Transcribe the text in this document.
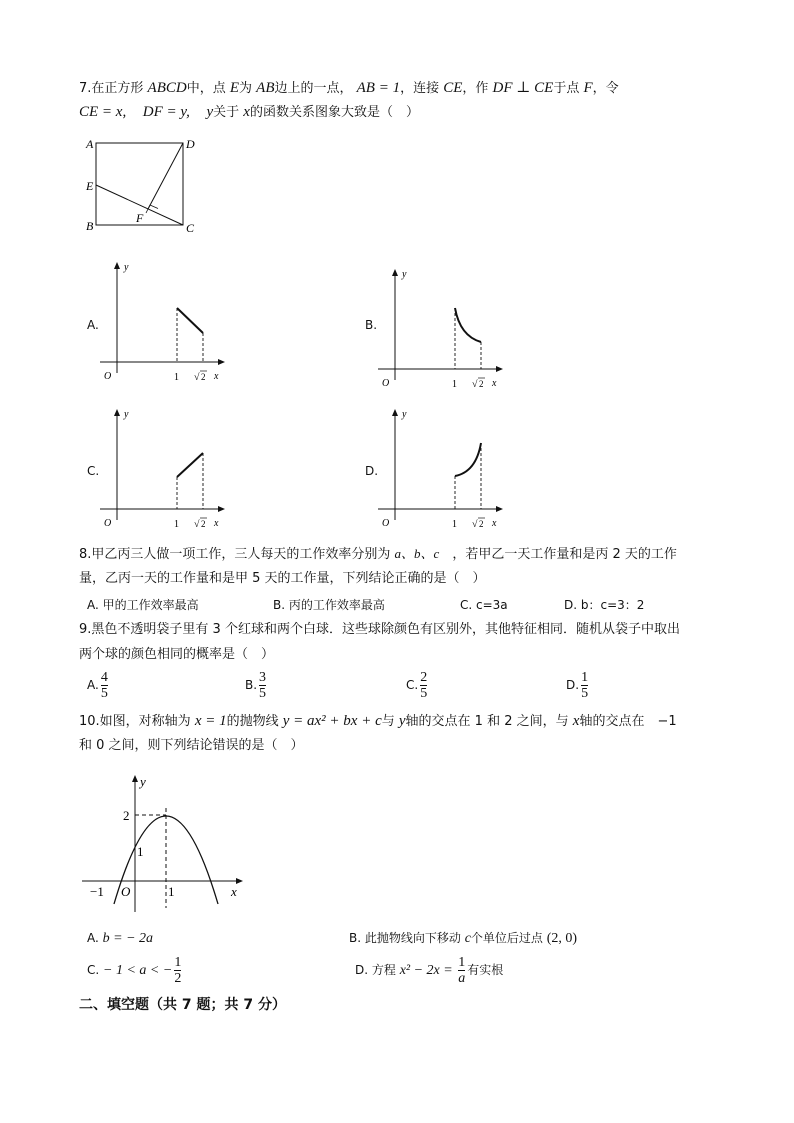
7.在正方形 ABCD中，点 E为 AB边上的一点， AB = 1，连接 CE，作 DF ⊥ CE于点 F，令
CE = x, DF = y, y关于 x的函数关系图象大致是（　）
A	D
E
B
F
C
A.	B.
C.	D.
y
O	1 √ 2 x
y
O	1 √ 2 x
y
O	1 √ 2 x
y
O	1 √ 2 x
8.甲乙丙三人做一项工作，三人每天的工作效率分别为 a、b、c　，若甲乙一天工作量和是丙 2 天的工作
量，乙丙一天的工作量和是甲 5 天的工作量，下列结论正确的是（　）
A. 甲的工作效率最高	B. 丙的工作效率最高	C. c=3a	D. b：c=3：2
9.黑色不透明袋子里有 3 个红球和两个白球．这些球除颜色有区别外，其他特征相同．随机从袋子中取出
两个球的颜色相同的概率是（　）
A. $\frac{4}{5}$	B. $\frac{3}{5}$	C. $\frac{2}{5}$	D. $\frac{1}{5}$
10.如图，对称轴为 x = 1的抛物线 y = ax² + bx + c与 y轴的交点在 1 和 2 之间，与 x轴的交点在　−1
和 0 之间，则下列结论错误的是（　）
y
2
1
−1 O	1	x
A. b = − 2a	B. 此抛物线向下移动 c个单位后过点 (2, 0)
C. − 1 < a < − $\frac{1}{2}$	D. 方程 $x^2 - 2x = \frac{1}{a}$ 有实根
二、填空题（共 7 题；共 7 分）
